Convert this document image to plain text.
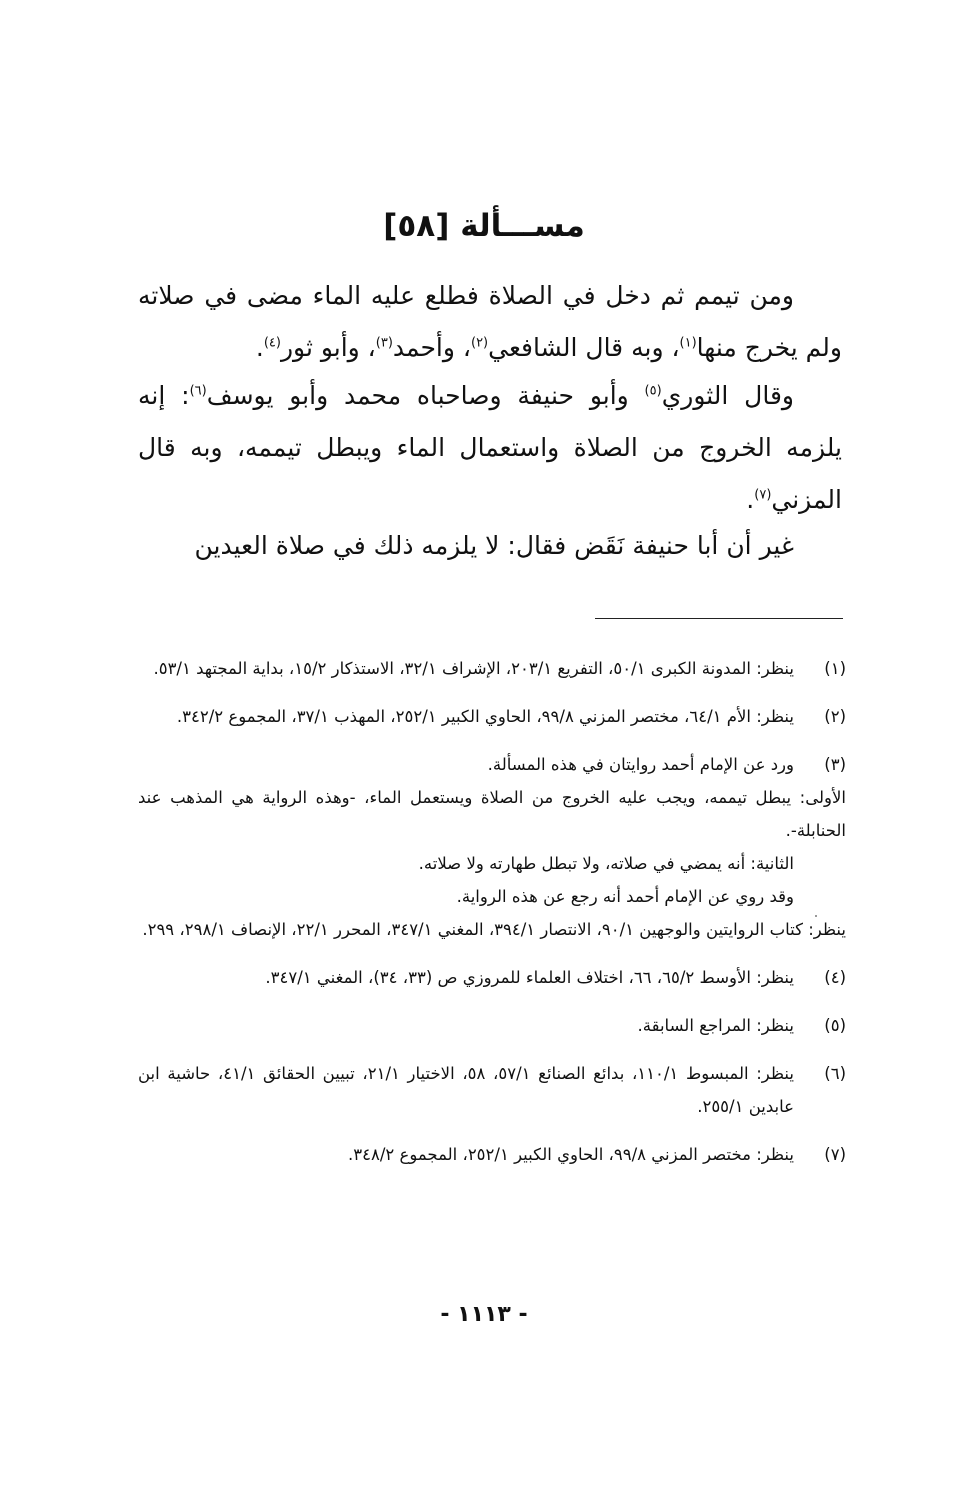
[٥٨] مســـألة

ومن تيمم ثم دخل في الصلاة فطلع عليه الماء مضى في صلاته ولم يخرج منها$^{(١)}$، وبه قال الشافعي$^{(٢)}$، وأحمد$^{(٣)}$، وأبو ثور$^{(٤)}$.

وقال الثوري$^{(٥)}$ وأبو حنيفة وصاحباه محمد وأبو يوسف$^{(٦)}$: إنه يلزمه الخروج من الصلاة واستعمال الماء ويبطل تيممه، وبه قال المزني$^{(٧)}$.

غير أن أبا حنيفة نَقَض فقال: لا يلزمه ذلك في صلاة العيدين

(١)
ينظر: المدونة الكبرى ٥٠/١، التفريع ٢٠٣/١، الإشراف ٣٢/١، الاستذكار ١٥/٢، بداية المجتهد ٥٣/١.
(٢)
ينظر: الأم ٦٤/١، مختصر المزني ٩٩/٨، الحاوي الكبير ٢٥٢/١، المهذب ٣٧/١، المجموع ٣٤٢/٢.
(٣)
ورد عن الإمام أحمد روايتان في هذه المسألة.
الأولى: يبطل تيممه، ويجب عليه الخروج من الصلاة ويستعمل الماء، -وهذه الرواية هي المذهب عند الحنابلة-.
الثانية: أنه يمضي في صلاته، ولا تبطل طهارته ولا صلاته.
وقد روي عن الإمام أحمد أنه رجع عن هذه الرواية.
ينظر: كتاب الروايتين والوجهين ٩٠/١، الانتصار ٣٩٤/١، المغني ٣٤٧/١، المحرر ٢٢/١، الإنصاف ٢٩٨/١، ٢٩٩.
(٤)
ينظر: الأوسط ٦٥/٢، ٦٦، اختلاف العلماء للمروزي ص (٣٣، ٣٤)، المغني ٣٤٧/١.
(٥)
ينظر: المراجع السابقة.
(٦)
ينظر: المبسوط ١١٠/١، بدائع الصنائع ٥٧/١، ٥٨، الاختيار ٢١/١، تبيين الحقائق ٤١/١، حاشية ابن عابدين ٢٥٥/١.
(٧)
ينظر: مختصر المزني ٩٩/٨، الحاوي الكبير ٢٥٢/١، المجموع ٣٤٨/٢.
- ١١١٣ -
